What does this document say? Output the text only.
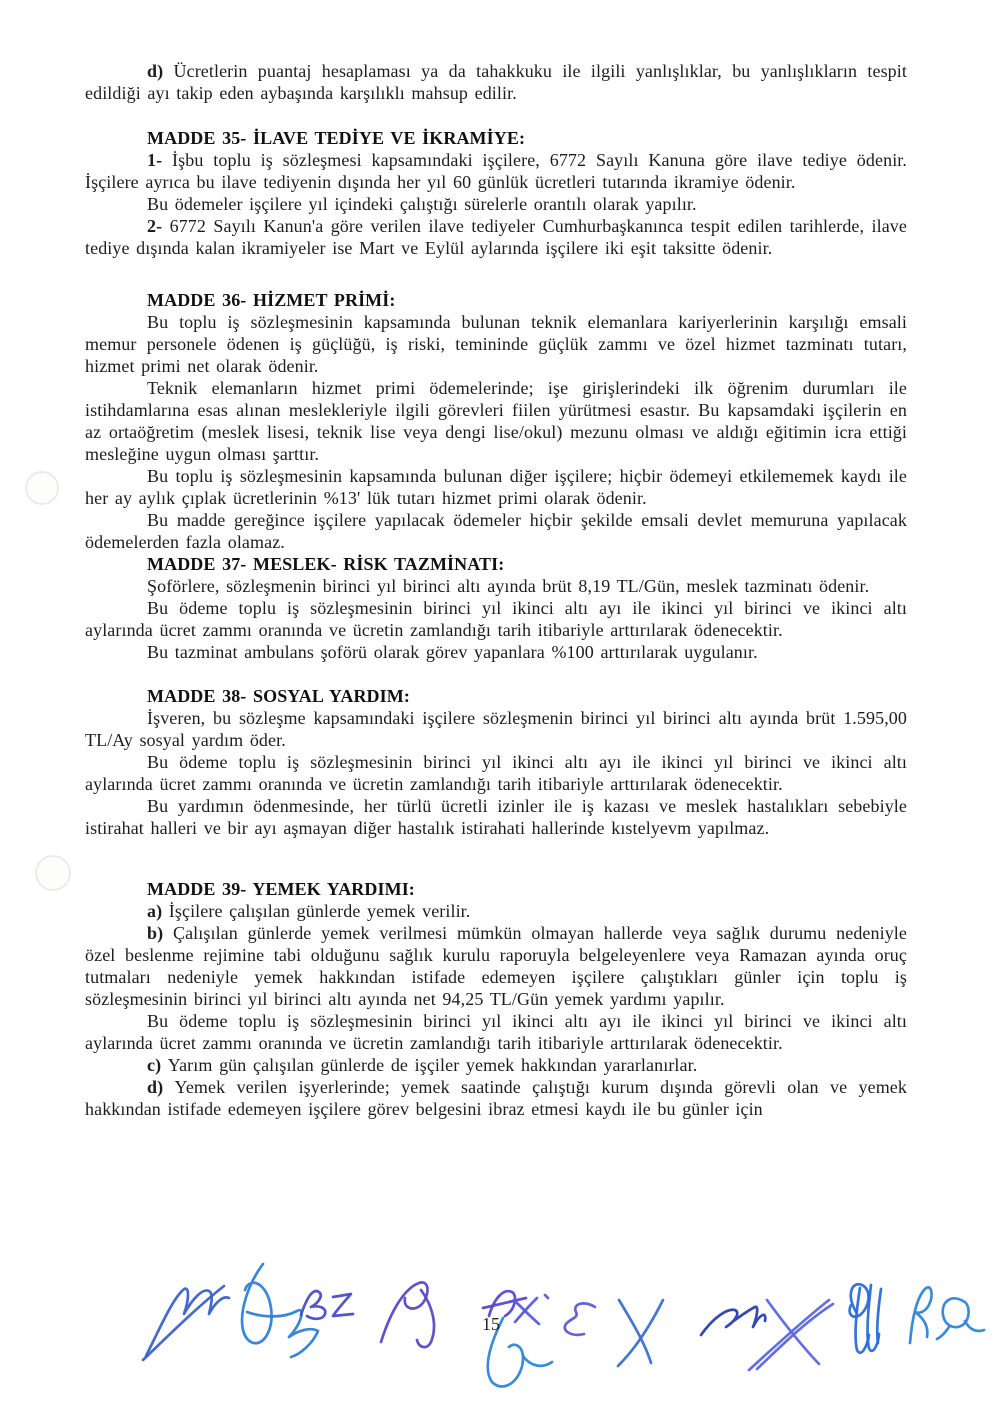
d) Ücretlerin puantaj hesaplaması ya da tahakkuku ile ilgili yanlışlıklar, bu yanlışlıkların tespit edildiği ayı takip eden aybaşında karşılıklı mahsup edilir.

MADDE 35- İLAVE TEDİYE VE İKRAMİYE:

1- İşbu toplu iş sözleşmesi kapsamındaki işçilere, 6772 Sayılı Kanuna göre ilave tediye ödenir. İşçilere ayrıca bu ilave tediyenin dışında her yıl 60 günlük ücretleri tutarında ikramiye ödenir.

Bu ödemeler işçilere yıl içindeki çalıştığı sürelerle orantılı olarak yapılır.

2- 6772 Sayılı Kanun'a göre verilen ilave tediyeler Cumhurbaşkanınca tespit edilen tarihlerde, ilave tediye dışında kalan ikramiyeler ise Mart ve Eylül aylarında işçilere iki eşit taksitte ödenir.

MADDE 36- HİZMET PRİMİ:

Bu toplu iş sözleşmesinin kapsamında bulunan teknik elemanlara kariyerlerinin karşılığı emsali memur personele ödenen iş güçlüğü, iş riski, temininde güçlük zammı ve özel hizmet tazminatı tutarı, hizmet primi net olarak ödenir.

Teknik elemanların hizmet primi ödemelerinde; işe girişlerindeki ilk öğrenim durumları ile istihdamlarına esas alınan meslekleriyle ilgili görevleri fiilen yürütmesi esastır. Bu kapsamdaki işçilerin en az ortaöğretim (meslek lisesi, teknik lise veya dengi lise/okul) mezunu olması ve aldığı eğitimin icra ettiği mesleğine uygun olması şarttır.

Bu toplu iş sözleşmesinin kapsamında bulunan diğer işçilere; hiçbir ödemeyi etkilememek kaydı ile her ay aylık çıplak ücretlerinin %13' lük tutarı hizmet primi olarak ödenir.

Bu madde gereğince işçilere yapılacak ödemeler hiçbir şekilde emsali devlet memuruna yapılacak ödemelerden fazla olamaz.

MADDE 37- MESLEK- RİSK TAZMİNATI:

Şoförlere, sözleşmenin birinci yıl birinci altı ayında brüt 8,19 TL/Gün, meslek tazminatı ödenir.

Bu ödeme toplu iş sözleşmesinin birinci yıl ikinci altı ayı ile ikinci yıl birinci ve ikinci altı aylarında ücret zammı oranında ve ücretin zamlandığı tarih itibariyle arttırılarak ödenecektir.

Bu tazminat ambulans şoförü olarak görev yapanlara %100 arttırılarak uygulanır.

MADDE 38- SOSYAL YARDIM:

İşveren, bu sözleşme kapsamındaki işçilere sözleşmenin birinci yıl birinci altı ayında brüt 1.595,00 TL/Ay sosyal yardım öder.

Bu ödeme toplu iş sözleşmesinin birinci yıl ikinci altı ayı ile ikinci yıl birinci ve ikinci altı aylarında ücret zammı oranında ve ücretin zamlandığı tarih itibariyle arttırılarak ödenecektir.

Bu yardımın ödenmesinde, her türlü ücretli izinler ile iş kazası ve meslek hastalıkları sebebiyle istirahat halleri ve bir ayı aşmayan diğer hastalık istirahati hallerinde kıstelyevm yapılmaz.

MADDE 39- YEMEK YARDIMI:

a) İşçilere çalışılan günlerde yemek verilir.

b) Çalışılan günlerde yemek verilmesi mümkün olmayan hallerde veya sağlık durumu nedeniyle özel beslenme rejimine tabi olduğunu sağlık kurulu raporuyla belgeleyenlere veya Ramazan ayında oruç tutmaları nedeniyle yemek hakkından istifade edemeyen işçilere çalıştıkları günler için toplu iş sözleşmesinin birinci yıl birinci altı ayında net 94,25 TL/Gün yemek yardımı yapılır.

Bu ödeme toplu iş sözleşmesinin birinci yıl ikinci altı ayı ile ikinci yıl birinci ve ikinci altı aylarında ücret zammı oranında ve ücretin zamlandığı tarih itibariyle arttırılarak ödenecektir.

c) Yarım gün çalışılan günlerde de işçiler yemek hakkından yararlanırlar.

d) Yemek verilen işyerlerinde; yemek saatinde çalıştığı kurum dışında görevli olan ve yemek hakkından istifade edemeyen işçilere görev belgesini ibraz etmesi kaydı ile bu günler için

15
